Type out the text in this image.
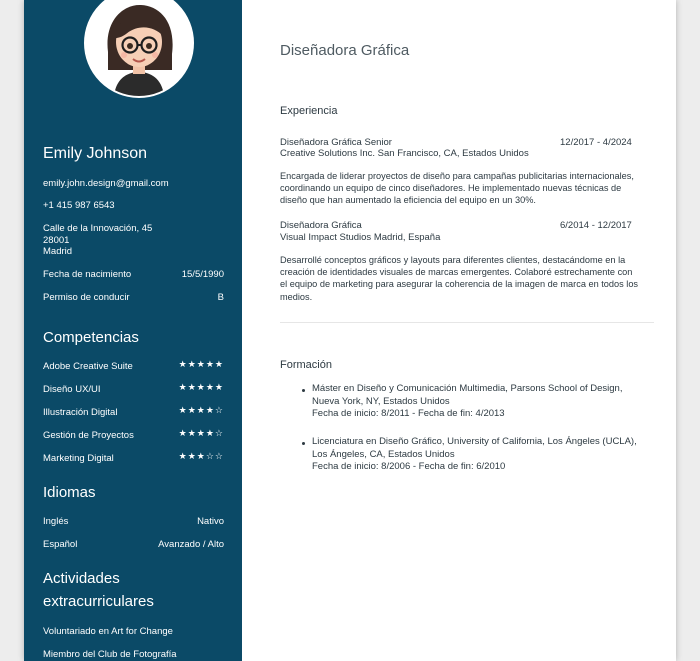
Emily Johnson
emily.john.design@gmail.com
+1 415 987 6543
Calle de la Innovación, 45
28001
Madrid
Fecha de nacimiento	15/5/1990
Permiso de conducir	B
Competencias
Adobe Creative Suite	★★★★★
Diseño UX/UI	★★★★★
Illustración Digital	★★★★☆
Gestión de Proyectos	★★★★☆
Marketing Digital	★★★☆☆
Idiomas
Inglés	Nativo
Español	Avanzado / Alto
Actividades
extracurriculares
Voluntariado en Art for Change
Miembro del Club de Fotografía
Diseñadora Gráfica
Experiencia
Diseñadora Gráfica Senior	12/2017 - 4/2024
Creative Solutions Inc. San Francisco, CA, Estados Unidos
Encargada de liderar proyectos de diseño para campañas publicitarias internacionales, coordinando un equipo de cinco diseñadores. He implementado nuevas técnicas de diseño que han aumentado la eficiencia del equipo en un 30%.
Diseñadora Gráfica	6/2014 - 12/2017
Visual Impact Studios Madrid, España
Desarrollé conceptos gráficos y layouts para diferentes clientes, destacándome en la creación de identidades visuales de marcas emergentes. Colaboré estrechamente con el equipo de marketing para asegurar la coherencia de la imagen de marca en todos los medios.
Formación
Máster en Diseño y Comunicación Multimedia, Parsons School of Design,
Nueva York, NY, Estados Unidos
Fecha de inicio: 8/2011 - Fecha de fin: 4/2013
Licenciatura en Diseño Gráfico, University of California, Los Ángeles (UCLA),
Los Ángeles, CA, Estados Unidos
Fecha de inicio: 8/2006 - Fecha de fin: 6/2010
